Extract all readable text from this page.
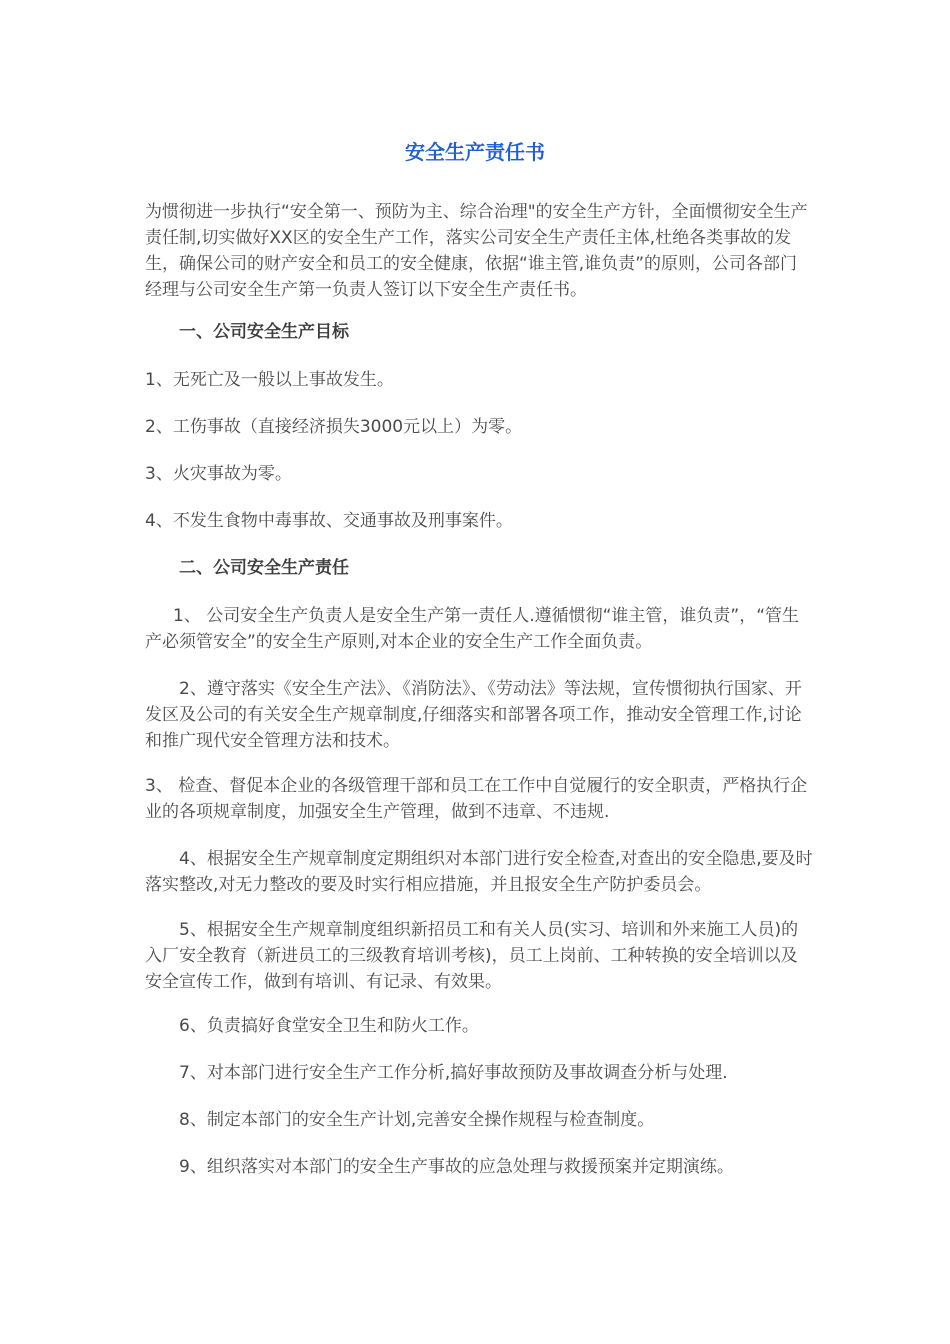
安全生产责任书

为惯彻进一步执行“安全第一、预防为主、综合治理"的安全生产方针，全面惯彻安全生产责任制,切实做好XX区的安全生产工作，落实公司安全生产责任主体,杜绝各类事故的发生，确保公司的财产安全和员工的安全健康，依据“谁主管,谁负责”的原则，公司各部门经理与公司安全生产第一负责人签订以下安全生产责任书。

一、公司安全生产目标

1、无死亡及一般以上事故发生。

2、工伤事故（直接经济损失3000元以上）为零。

3、火灾事故为零。

4、不发生食物中毒事故、交通事故及刑事案件。

二、公司安全生产责任

1、 公司安全生产负责人是安全生产第一责任人.遵循惯彻“谁主管，谁负责”，“管生产必须管安全”的安全生产原则,对本企业的安全生产工作全面负责。

2、遵守落实《安全生产法》、《消防法》、《劳动法》等法规，宣传惯彻执行国家、开发区及公司的有关安全生产规章制度,仔细落实和部署各项工作，推动安全管理工作,讨论和推广现代安全管理方法和技术。

3、 检查、督促本企业的各级管理干部和员工在工作中自觉履行的安全职责，严格执行企业的各项规章制度，加强安全生产管理，做到不违章、不违规.

4、根据安全生产规章制度定期组织对本部门进行安全检查,对查出的安全隐患,要及时落实整改,对无力整改的要及时实行相应措施，并且报安全生产防护委员会。

5、根据安全生产规章制度组织新招员工和有关人员(实习、培训和外来施工人员)的入厂安全教育（新进员工的三级教育培训考核)，员工上岗前、工种转换的安全培训以及安全宣传工作，做到有培训、有记录、有效果。

6、负责搞好食堂安全卫生和防火工作。

7、对本部门进行安全生产工作分析,搞好事故预防及事故调查分析与处理.

8、制定本部门的安全生产计划,完善安全操作规程与检查制度。

9、组织落实对本部门的安全生产事故的应急处理与救援预案并定期演练。
